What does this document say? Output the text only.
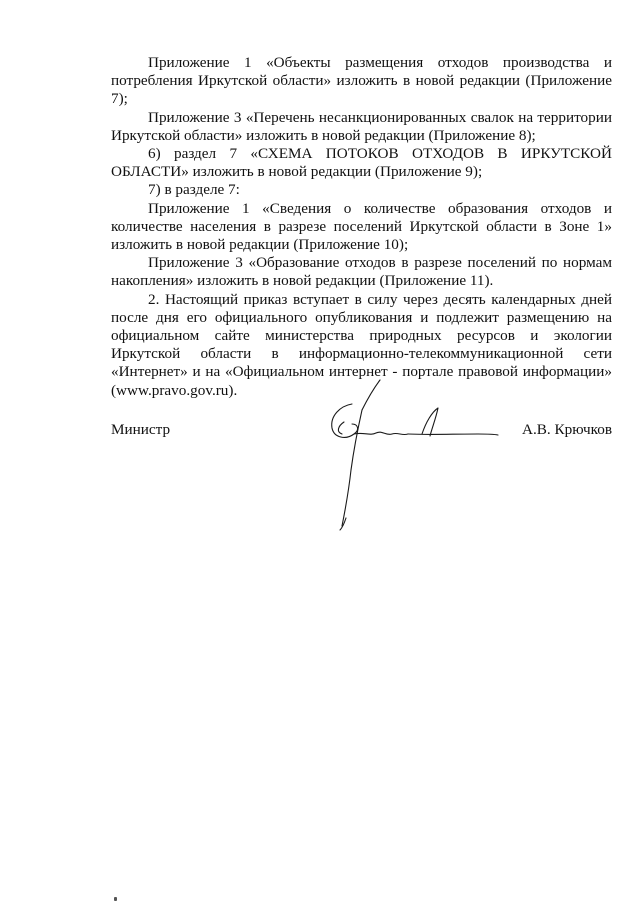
Приложение 1 «Объекты размещения отходов производства и потребления Иркутской области» изложить в новой редакции (Приложение 7);

Приложение 3 «Перечень несанкционированных свалок на территории Иркутской области» изложить в новой редакции (Приложение 8);

6) раздел 7 «СХЕМА ПОТОКОВ ОТХОДОВ В ИРКУТСКОЙ ОБЛАСТИ» изложить в новой редакции (Приложение 9);

7) в разделе 7:

Приложение 1 «Сведения о количестве образования отходов и количестве населения в разрезе поселений Иркутской области в Зоне 1» изложить в новой редакции (Приложение 10);

Приложение 3 «Образование отходов в разрезе поселений по нормам накопления» изложить в новой редакции (Приложение 11).

2. Настоящий приказ вступает в силу через десять календарных дней после дня его официального опубликования и подлежит размещению на официальном сайте министерства природных ресурсов и экологии Иркутской области в информационно-телекоммуникационной сети «Интернет» и на «Официальном интернет - портале правовой информации» (www.pravo.gov.ru).

Министр	А.В. Крючков
